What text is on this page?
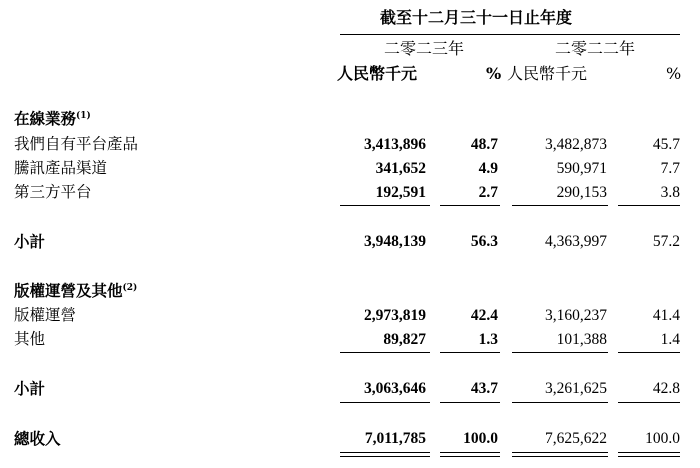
截至十二月三十一日止年度
二零二三年	二零二二年
人民幣千元	% 人民幣千元	%
在線業務$^{(1)}$
我們自有平台產品	3,413,896	48.7	3,482,873	45.7
騰訊產品渠道	341,652	4.9	590,971	7.7
第三方平台	192,591	2.7	290,153	3.8
小計	3,948,139	56.3	4,363,997	57.2
版權運營及其他$^{(2)}$
版權運營	2,973,819	42.4	3,160,237	41.4
其他	89,827	1.3	101,388	1.4
小計	3,063,646	43.7	3,261,625	42.8
總收入	7,011,785 100.0	7,625,622 100.0
